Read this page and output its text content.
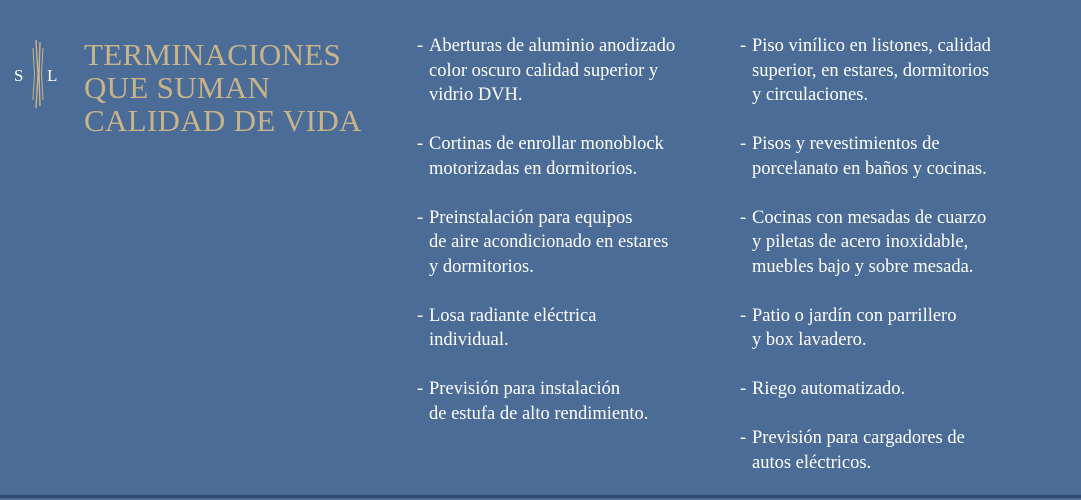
S L
TERMINACIONES
QUE SUMAN
CALIDAD DE VIDA
- Aberturas de aluminio anodizado
color oscuro calidad superior y
vidrio DVH.
- Cortinas de enrollar monoblock
motorizadas en dormitorios.
- Preinstalación para equipos
de aire acondicionado en estares
y dormitorios.
- Losa radiante eléctrica
individual.
- Previsión para instalación
de estufa de alto rendimiento.
- Piso vinílico en listones, calidad
superior, en estares, dormitorios
y circulaciones.
- Pisos y revestimientos de
porcelanato en baños y cocinas.
- Cocinas con mesadas de cuarzo
y piletas de acero inoxidable,
muebles bajo y sobre mesada.
- Patio o jardín con parrillero
y box lavadero.
- Riego automatizado.
- Previsión para cargadores de
autos eléctricos.
